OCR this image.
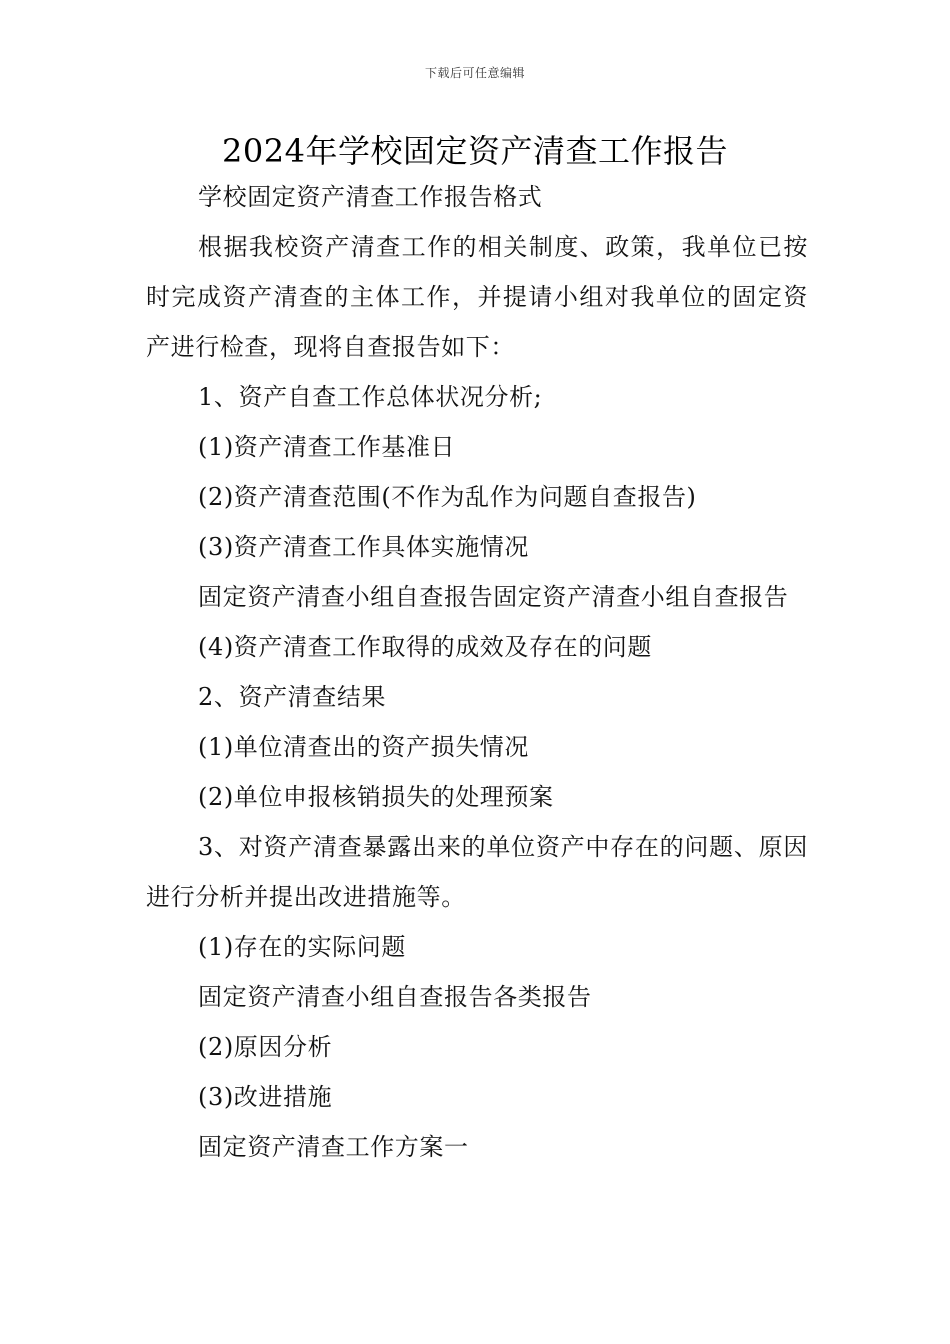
下载后可任意编辑
2024年学校固定资产清查工作报告

学校固定资产清查工作报告格式

根据我校资产清查工作的相关制度、政策，我单位已按时完成资产清查的主体工作，并提请小组对我单位的固定资产进行检查，现将自查报告如下：

1、资产自查工作总体状况分析;

(1)资产清查工作基准日

(2)资产清查范围(不作为乱作为问题自查报告)

(3)资产清查工作具体实施情况

固定资产清查小组自查报告固定资产清查小组自查报告

(4)资产清查工作取得的成效及存在的问题

2、资产清查结果

(1)单位清查出的资产损失情况

(2)单位申报核销损失的处理预案

3、对资产清查暴露出来的单位资产中存在的问题、原因进行分析并提出改进措施等。

(1)存在的实际问题

固定资产清查小组自查报告各类报告

(2)原因分析

(3)改进措施

固定资产清查工作方案一
